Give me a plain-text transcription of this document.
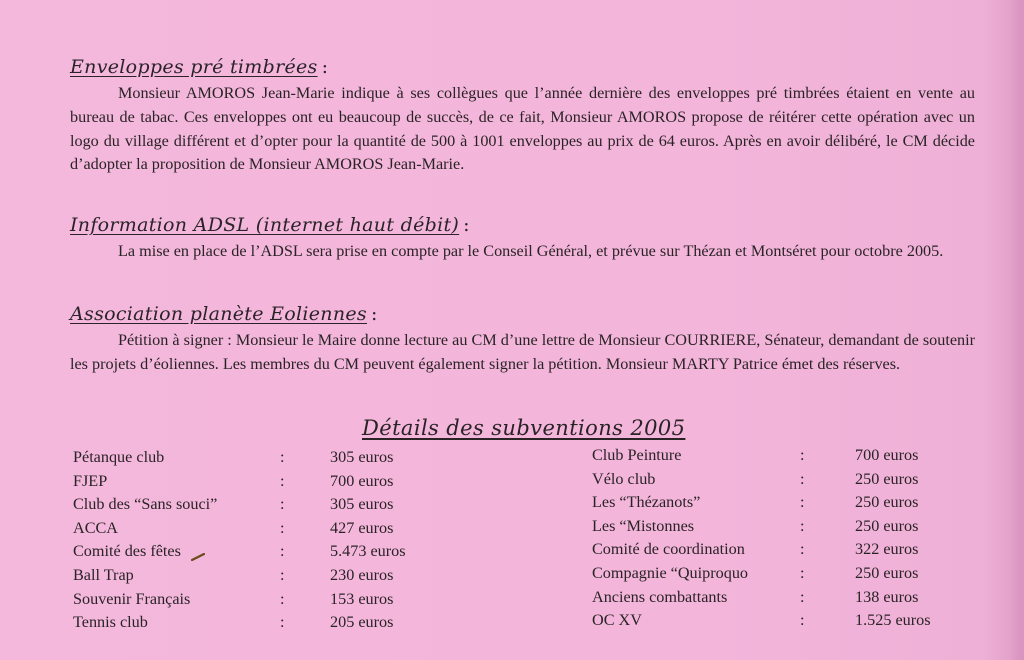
Enveloppes pré timbrées :
Monsieur AMOROS Jean-Marie indique à ses collègues que l’année dernière des enveloppes pré timbrées étaient en vente au bureau de tabac. Ces enveloppes ont eu beaucoup de succès, de ce fait, Monsieur AMOROS propose de réitérer cette opération avec un logo du village différent et d’opter pour la quantité de 500 à 1001 enveloppes au prix de 64 euros. Après en avoir délibéré, le CM décide d’adopter la proposition de Monsieur AMOROS Jean-Marie.
Information ADSL (internet haut débit) :
La mise en place de l’ADSL sera prise en compte par le Conseil Général, et prévue sur Thézan et Montséret pour octobre 2005.
Association planète Eoliennes :
Pétition à signer : Monsieur le Maire donne lecture au CM d’une lettre de Monsieur COURRIERE, Sénateur, demandant de soutenir les projets d’éoliennes. Les membres du CM peuvent également signer la pétition. Monsieur MARTY Patrice émet des réserves.
Détails des subventions 2005
Pétanque club	:	305 euros
FJEP	:	700 euros
Club des “Sans souci”	:	305 euros
ACCA	:	427 euros
Comité des fêtes	:	5.473 euros
Ball Trap	:	230 euros
Souvenir Français	:	153 euros
Tennis club	:	205 euros
Club Peinture	:	700 euros
Vélo club	:	250 euros
Les “Thézanots”	:	250 euros
Les “Mistonnes	:	250 euros
Comité de coordination	:	322 euros
Compagnie “Quiproquo	:	250 euros
Anciens combattants	:	138 euros
OC XV	:	1.525 euros
